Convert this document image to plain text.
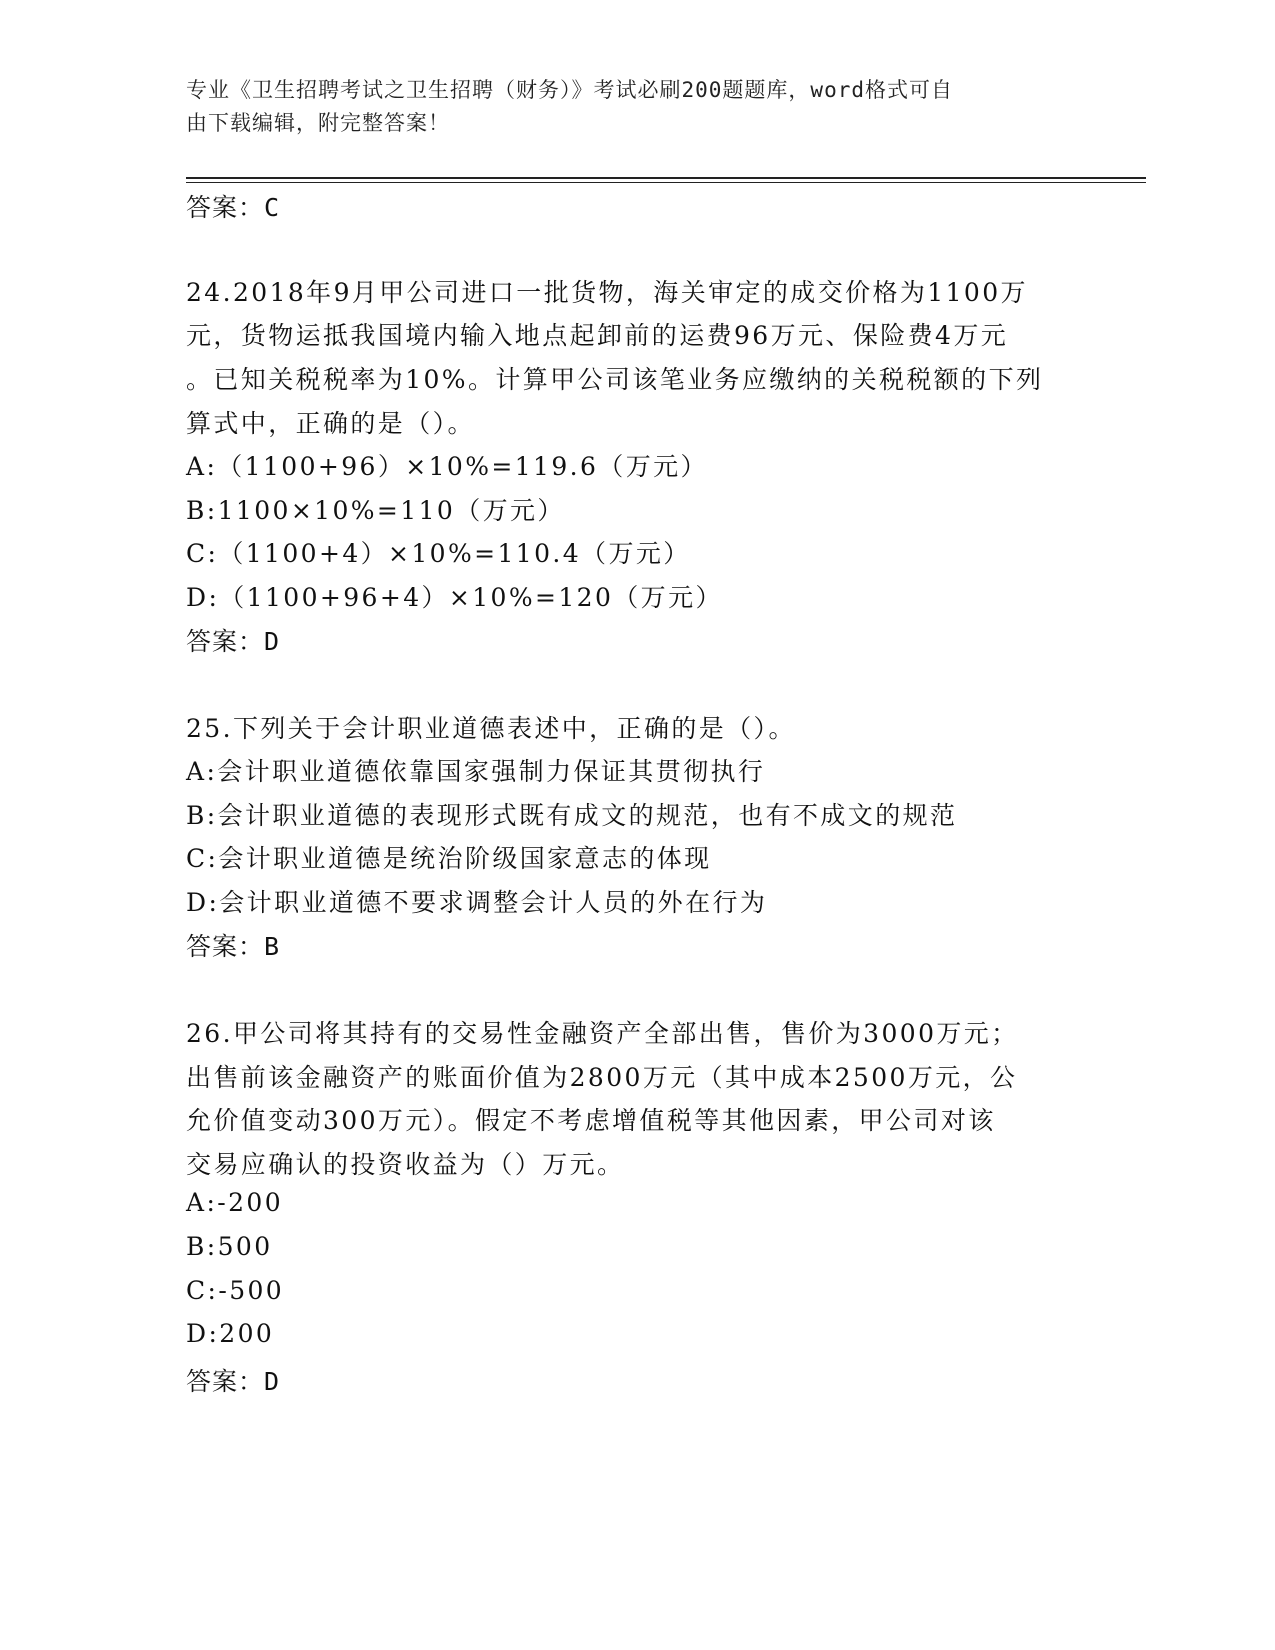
专业《卫生招聘考试之卫生招聘（财务）》考试必刷200题题库，word格式可自
由下载编辑，附完整答案！
答案：C
24.2018年9月甲公司进口一批货物，海关审定的成交价格为1100万
元，货物运抵我国境内输入地点起卸前的运费96万元、保险费4万元
。已知关税税率为10%。计算甲公司该笔业务应缴纳的关税税额的下列
算式中，正确的是（）。
A:（1100+96）×10%=119.6（万元）
B:1100×10%=110（万元）
C:（1100+4）×10%=110.4（万元）
D:（1100+96+4）×10%=120（万元）
答案：D
25.下列关于会计职业道德表述中，正确的是（）。
A:会计职业道德依靠国家强制力保证其贯彻执行
B:会计职业道德的表现形式既有成文的规范，也有不成文的规范
C:会计职业道德是统治阶级国家意志的体现
D:会计职业道德不要求调整会计人员的外在行为
答案：B
26.甲公司将其持有的交易性金融资产全部出售，售价为3000万元；
出售前该金融资产的账面价值为2800万元（其中成本2500万元，公
允价值变动300万元）。假定不考虑增值税等其他因素，甲公司对该
交易应确认的投资收益为（）万元。
A:-200
B:500
C:-500
D:200
答案：D
